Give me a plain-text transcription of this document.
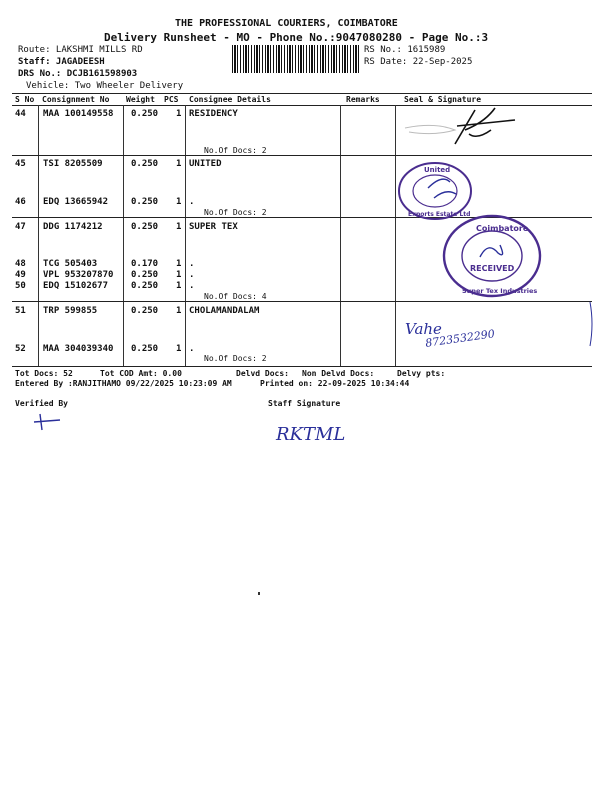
THE PROFESSIONAL COURIERS, COIMBATORE
Delivery Runsheet - MO - Phone No.:9047080280 - Page No.:3
Route: LAKSHMI MILLS RD
Staff: JAGADEESH
DRS No.: DCJB161598903
Vehicle: Two Wheeler Delivery
RS No.: 1615989
RS Date: 22-Sep-2025
S No Consignment No Weight PCS Consignee Details	Remarks	Seal & Signature
44 MAA 100149558 0.250 1 RESIDENCY
No.Of Docs: 2
45 TSI 8205509	0.250 1 UNITED
46 EDQ 13665942	0.250 1 .
No.Of Docs: 2
47 DDG 1174212	0.250 1 SUPER TEX
48 TCG 505403	0.170 1 .
49 VPL 953207870 0.250 1 .
50 EDQ 15102677	0.250 1 .
No.Of Docs: 4
51 TRP 599855	0.250 1 CHOLAMANDALAM
52 MAA 304039340 0.250 1 .
No.Of Docs: 2
Tot Docs: 52	Tot COD Amt: 0.00	Delvd Docs: Non Delvd Docs:	Delvy pts:
Entered By :RANJITHAMO 09/22/2025 10:23:09 AM	Printed on: 22-09-2025 10:34:44
Verified By	Staff Signature
United
Exports Estate Ltd
Coimbatore
RECEIVED
Super Tex Industries
Vahe
8723532290
RKTML
